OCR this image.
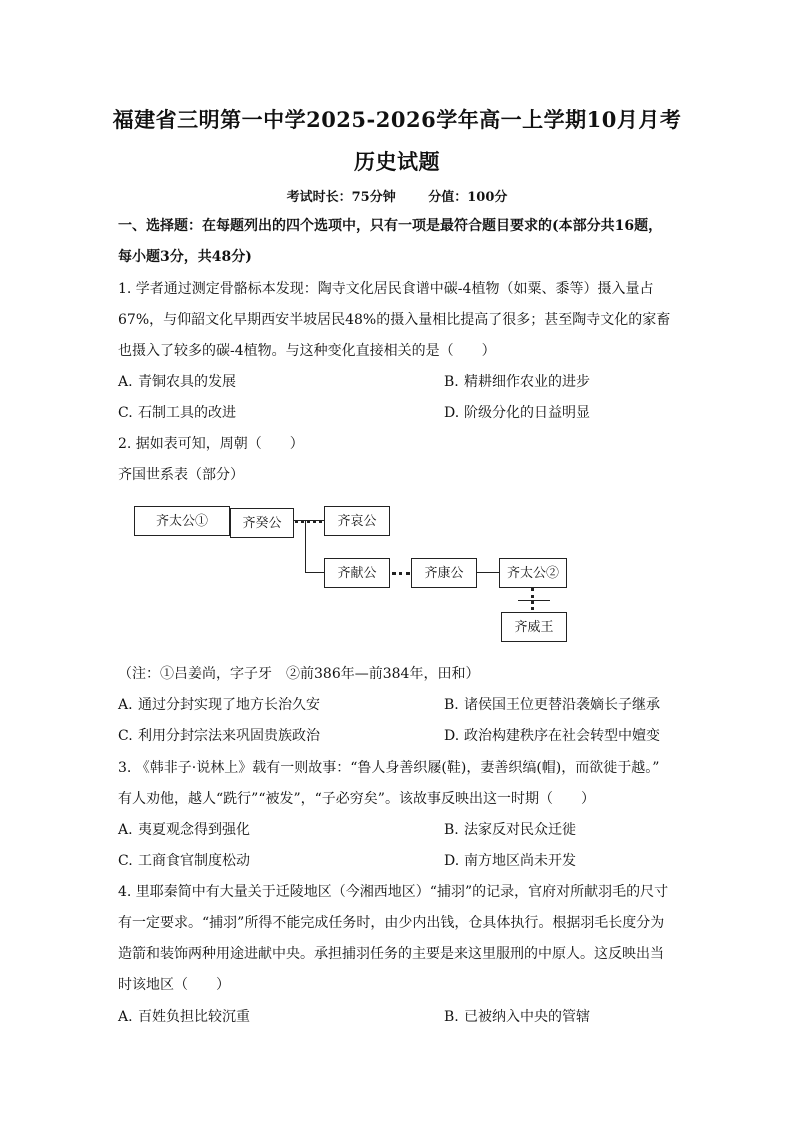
福建省三明第一中学2025-2026学年高一上学期10月月考
历史试题
考试时长：75分钟	分值：100分
一、选择题：在每题列出的四个选项中，只有一项是最符合题目要求的(本部分共16题，
每小题3分，共48分)
1. 学者通过测定骨骼标本发现：陶寺文化居民食谱中碳-4植物（如粟、黍等）摄入量占
67%，与仰韶文化早期西安半坡居民48%的摄入量相比提高了很多；甚至陶寺文化的家畜
也摄入了较多的碳-4植物。与这种变化直接相关的是（　　）
A. 青铜农具的发展	B. 精耕细作农业的进步
C. 石制工具的改进	D. 阶级分化的日益明显
2. 据如表可知，周朝（　　）
齐国世系表（部分）
齐太公①	齐癸公	齐哀公
齐献公	齐康公	齐太公②
齐威王
（注：①吕姜尚，字子牙　②前386年—前384年，田和）
A. 通过分封实现了地方长治久安	B. 诸侯国王位更替沿袭嫡长子继承
C. 利用分封宗法来巩固贵族政治	D. 政治构建秩序在社会转型中嬗变
3. 《韩非子·说林上》载有一则故事：“鲁人身善织屦(鞋)，妻善织缟(帽)，而欲徙于越。”
有人劝他，越人“跣行”“被发”，“子必穷矣”。该故事反映出这一时期（　　）
A. 夷夏观念得到强化	B. 法家反对民众迁徙
C. 工商食官制度松动	D. 南方地区尚未开发
4. 里耶秦简中有大量关于迁陵地区（今湘西地区）“捕羽”的记录，官府对所献羽毛的尺寸
有一定要求。“捕羽”所得不能完成任务时，由少内出钱，仓具体执行。根据羽毛长度分为
造箭和装饰两种用途进献中央。承担捕羽任务的主要是来这里服刑的中原人。这反映出当
时该地区（　　）
A. 百姓负担比较沉重	B. 已被纳入中央的管辖
